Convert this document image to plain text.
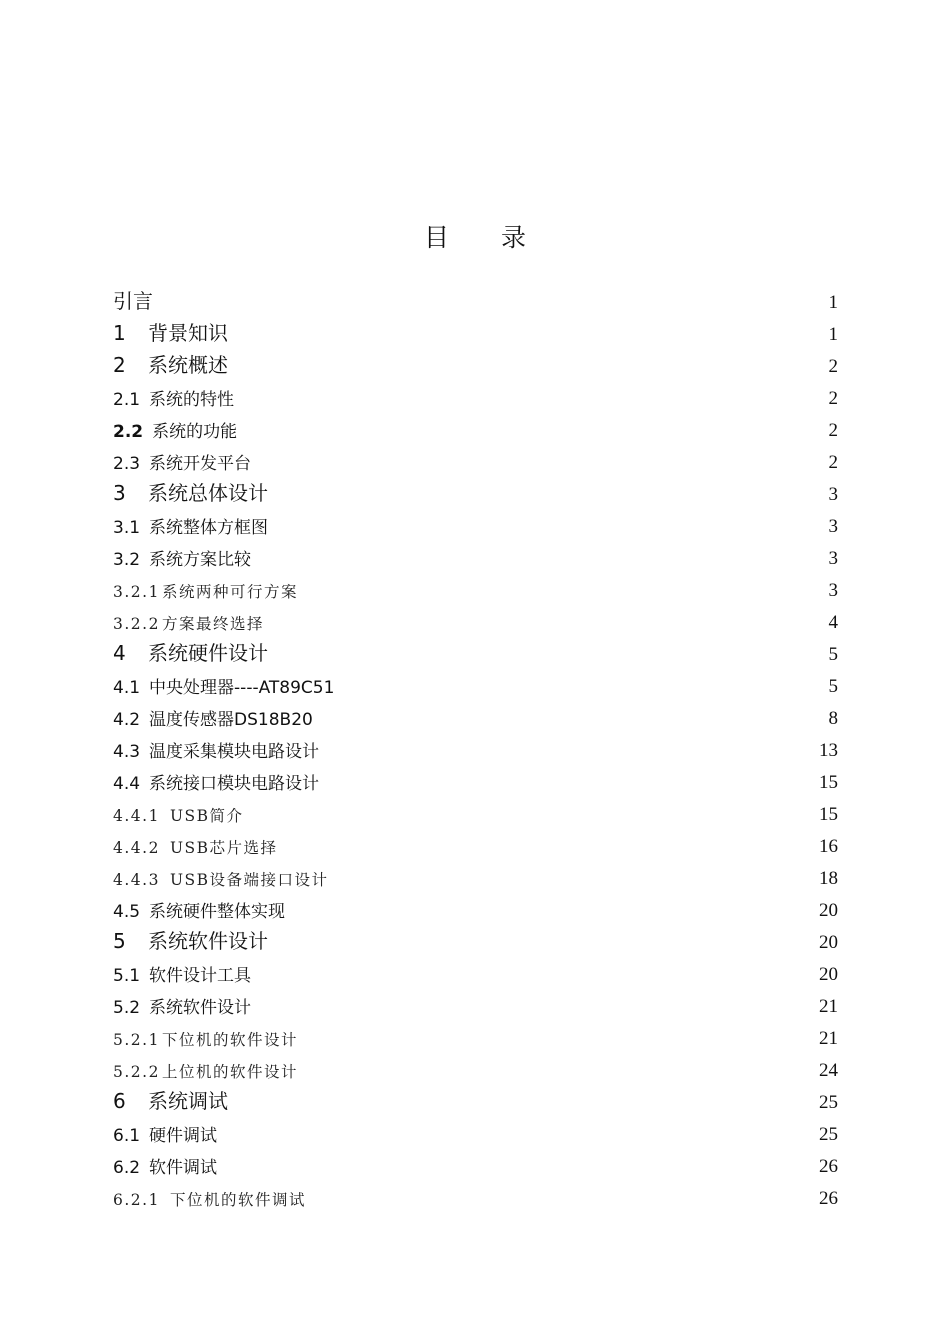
目 录
引言	1
1 背景知识	1
2 系统概述	2
2.1 系统的特性	2
2.2 系统的功能	2
2.3 系统开发平台	2
3 系统总体设计	3
3.1 系统整体方框图	3
3.2 系统方案比较	3
3.2.1 系统两种可行方案	3
3.2.2 方案最终选择	4
4 系统硬件设计	5
4.1 中央处理器----AT89C51	5
4.2 温度传感器DS18B20	8
4.3 温度采集模块电路设计	13
4.4 系统接口模块电路设计	15
4.4.1 USB简介	15
4.4.2 USB芯片选择	16
4.4.3 USB设备端接口设计	18
4.5 系统硬件整体实现	20
5 系统软件设计	20
5.1 软件设计工具	20
5.2 系统软件设计	21
5.2.1 下位机的软件设计	21
5.2.2 上位机的软件设计	24
6 系统调试	25
6.1 硬件调试	25
6.2 软件调试	26
6.2.1 下位机的软件调试	26
